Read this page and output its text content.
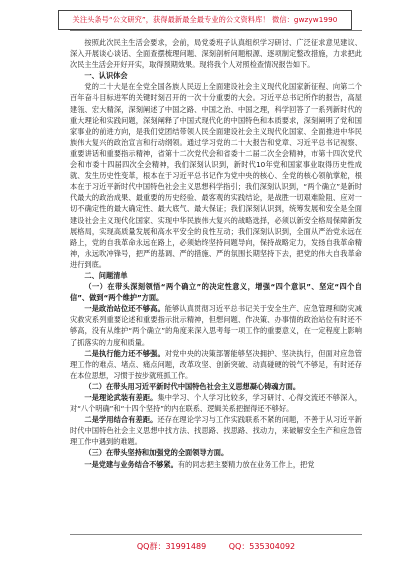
关注头条号“公文研究”，获得最新最全最专业的公文资料库！ 微信：gwzyw1990

按照此次民主生活会要求，会前，局党委班子认真组织学习研讨、广泛征求意见建议、深入开展谈心谈话、全面查摆梳理问题、深刻剖析问题根源、逐项制定整改措施，力求把此次民主生活会开好开实，取得预期效果。现将我个人对照检查情况报告如下。

一、认识体会

党的二十大是在全党全国各族人民迈上全面建设社会主义现代化国家新征程、向第二个百年奋斗目标进军的关键时刻召开的一次十分重要的大会。习近平总书记所作的报告，高屋建瓴、宏大精深，深刻阐述了中国之路、中国之治、中国之理，科学回答了一系列新时代的重大理论和实践问题，深刻阐释了中国式现代化的中国特色和本质要求，深刻阐明了党和国家事业的前进方向，是我们党团结带领人民全面建设社会主义现代化国家、全面推进中华民族伟大复兴的政治宣言和行动纲领。通过学习党的二十大报告和党章、习近平总书记视察、重要讲话和重要指示精神，省第十二次党代会和省委十二届二次全会精神，市第十四次党代会和市委十四届四次全会精神，我们深刻认识到，新时代10年党和国家事业取得历史性成就、发生历史性变革，根本在于习近平总书记作为党中央的核心、全党的核心领航掌舵，根本在于习近平新时代中国特色社会主义思想科学指引；我们深刻认识到，“两个确立”是新时代最大的政治成果、最重要的历史经验、最客观的实践结论，是战胜一切艰难险阻、应对一切不确定性的最大确定性、最大底气、最大保证；我们深刻认识到，统筹发展和安全是全面建设社会主义现代化国家、实现中华民族伟大复兴的战略选择，必须以新安全格局保障新发展格局，实现高质量发展和高水平安全的良性互动；我们深刻认识到，全面从严治党永远在路上，党的自我革命永远在路上，必须始终坚持问题导向，保持战略定力，发扬自我革命精神，永远吹冲锋号，把严的基调、严的措施、严的氛围长期坚持下去，把党的伟大自我革命进行到底。

二、问题清单

（一）在带头深刻领悟“两个确立”的决定性意义，增强“四个意识”、坚定“四个自信”、做到“两个维护”方面。

一是政治站位还不够高。能够认真贯彻习近平总书记关于安全生产、应急管理和防灾减灾救灾系列重要论述和重要指示批示精神，但想问题、作决策、办事情的政治站位有时还不够高，没有从维护“两个确立”的角度来深入思考每一项工作的重要意义，在一定程度上影响了抓落实的力度和质量。

二是执行能力还不够强。对党中央的决策部署能够坚决拥护、坚决执行，但面对应急管理工作的难点、堵点、痛点问题，改革攻坚、创新突破、动真碰硬的锐气不够足，有时还存在本位思想，习惯于按步就班抓工作。

（二）在带头用习近平新时代中国特色社会主义思想凝心铸魂方面。

一是理论武装有差距。集中学习、个人学习比较多，学习研讨、心得交流还不够深入，对“八个明确”和“十四个坚持”的内在联系、逻辑关系把握得还不够好。

二是学用结合有差距。还存在理论学习与工作实践联系不紧的问题，不善于从习近平新时代中国特色社会主义思想中找方法、找思路、找思路、找动力，来破解安全生产和应急管理工作中遇到的难题。

（三）在带头坚持和加强党的全面领导方面。

一是党建与业务结合不够紧。有的同志把主要精力放在业务工作上，把党

QQ群：31991489	QQ：535304092
